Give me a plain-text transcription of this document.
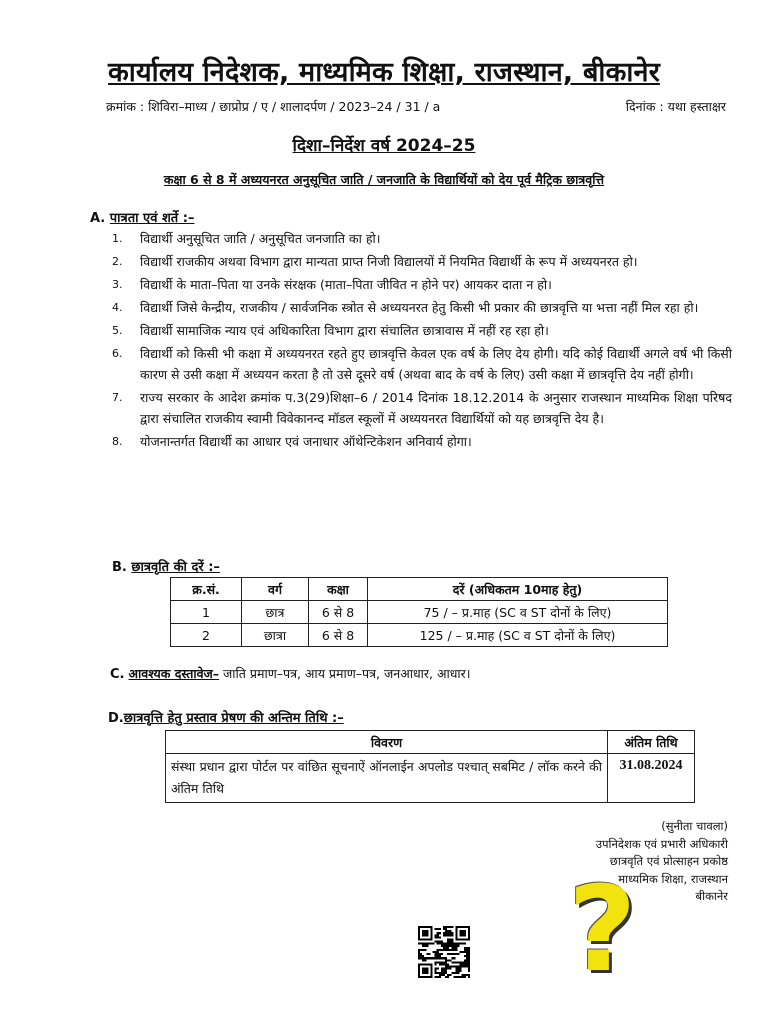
कार्यालय निदेशक, माध्यमिक शिक्षा, राजस्थान, बीकानेर
क्रमांक : शिविरा–माध्य / छाप्रोप्र / ए / शालादर्पण / 2023–24 / 31 / a	दिनांक : यथा हस्ताक्षर
दिशा–निर्देश वर्ष 2024–25
कक्षा 6 से 8 में अध्ययनरत अनुसूचित जाति / जनजाति के विद्यार्थियों को देय पूर्व मैट्रिक छात्रवृत्ति
A. पात्रता एवं शर्ते :–
1. विद्यार्थी अनुसूचित जाति / अनुसूचित जनजाति का हो।
2. विद्यार्थी राजकीय अथवा विभाग द्वारा मान्यता प्राप्त निजी विद्यालयों में नियमित विद्यार्थी के रूप में अध्ययनरत हो।
3. विद्यार्थी के माता–पिता या उनके संरक्षक (माता–पिता जीवित न होने पर) आयकर दाता न हो।
4. विद्यार्थी जिसे केन्द्रीय, राजकीय / सार्वजनिक स्त्रोत से अध्ययनरत हेतु किसी भी प्रकार की छात्रवृत्ति या भत्ता नहीं मिल रहा हो।
5. विद्यार्थी सामाजिक न्याय एवं अधिकारिता विभाग द्वारा संचालित छात्रावास में नहीं रह रहा हो।
6. विद्यार्थी को किसी भी कक्षा में अध्ययनरत रहते हुए छात्रवृत्ति केवल एक वर्ष के लिए देय होगी। यदि कोई विद्यार्थी अगले वर्ष भी किसी कारण से उसी कक्षा में अध्ययन करता है तो उसे दूसरे वर्ष (अथवा बाद के वर्ष के लिए) उसी कक्षा में छात्रवृत्ति देय नहीं होगी।
7. राज्य सरकार के आदेश क्रमांक प.3(29)शिक्षा–6 / 2014 दिनांक 18.12.2014 के अनुसार राजस्थान माध्यमिक शिक्षा परिषद द्वारा संचालित राजकीय स्वामी विवेकानन्द मॉडल स्कूलों में अध्ययनरत विद्यार्थियों को यह छात्रवृत्ति देय है।
8. योजनान्तर्गत विद्यार्थी का आधार एवं जनाधार ऑथेन्टिकेशन अनिवार्य होगा।
B. छात्रवृति की दरें :–
क्र.सं.	वर्ग	कक्षा	दरें (अधिकतम 10माह हेतु)
1	छात्र	6 से 8	75 / – प्र.माह (SC व ST दोनों के लिए)
2	छात्रा	6 से 8	125 / – प्र.माह (SC व ST दोनों के लिए)
C. आवश्यक दस्तावेज– जाति प्रमाण–पत्र, आय प्रमाण–पत्र, जनआधार, आधार।
D.छात्रवृत्ति हेतु प्रस्ताव प्रेषण की अन्तिम तिथि :–
विवरण	अंतिम तिथि
संस्था प्रधान द्वारा पोर्टल पर वांछित सूचनाऐं ऑनलाईन अपलोड पश्चात् सबमिट / लॉक करने की अंतिम तिथि	31.08.2024
(सुनीता चावला)
उपनिदेशक एवं प्रभारी अधिकारी
छात्रवृति एवं प्रोत्साहन प्रकोष्ठ
माध्यमिक शिक्षा, राजस्थान
बीकानेर
?
